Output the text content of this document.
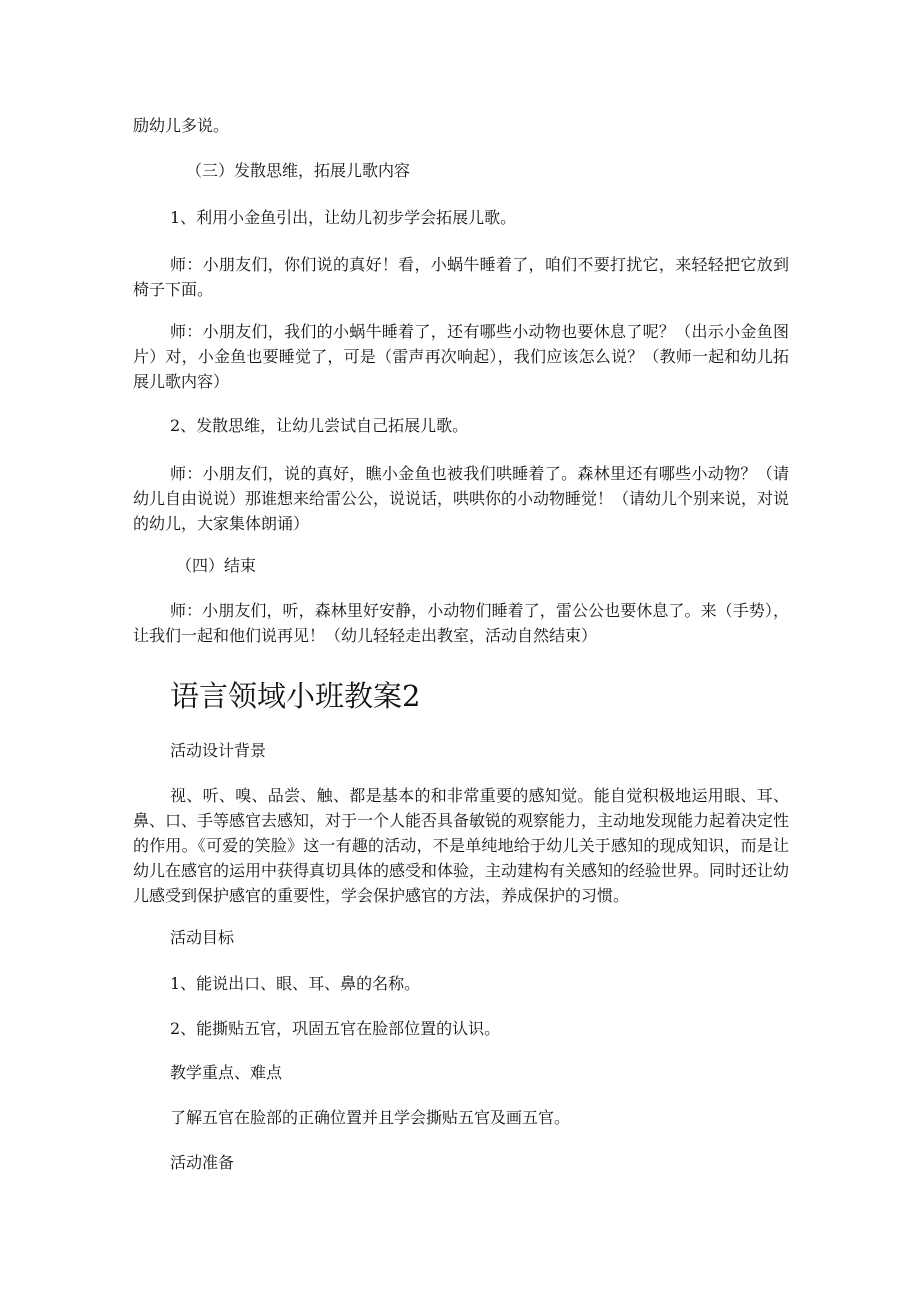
励幼儿多说。

（三）发散思维，拓展儿歌内容

1、利用小金鱼引出，让幼儿初步学会拓展儿歌。

师：小朋友们，你们说的真好！看，小蜗牛睡着了，咱们不要打扰它，来轻轻把它放到椅子下面。

师：小朋友们，我们的小蜗牛睡着了，还有哪些小动物也要休息了呢？（出示小金鱼图片）对，小金鱼也要睡觉了，可是（雷声再次响起），我们应该怎么说？（教师一起和幼儿拓展儿歌内容）

2、发散思维，让幼儿尝试自己拓展儿歌。

师：小朋友们，说的真好，瞧小金鱼也被我们哄睡着了。森林里还有哪些小动物？（请幼儿自由说说）那谁想来给雷公公，说说话，哄哄你的小动物睡觉！（请幼儿个别来说，对说的幼儿，大家集体朗诵）

（四）结束

师：小朋友们，听，森林里好安静，小动物们睡着了，雷公公也要休息了。来（手势），让我们一起和他们说再见！（幼儿轻轻走出教室，活动自然结束）

语言领域小班教案2

活动设计背景

视、听、嗅、品尝、触、都是基本的和非常重要的感知觉。能自觉积极地运用眼、耳、鼻、口、手等感官去感知，对于一个人能否具备敏锐的观察能力，主动地发现能力起着决定性的作用。《可爱的笑脸》这一有趣的活动，不是单纯地给于幼儿关于感知的现成知识，而是让幼儿在感官的运用中获得真切具体的感受和体验，主动建构有关感知的经验世界。同时还让幼儿感受到保护感官的重要性，学会保护感官的方法，养成保护的习惯。

活动目标

1、能说出口、眼、耳、鼻的名称。

2、能撕贴五官，巩固五官在脸部位置的认识。

教学重点、难点

了解五官在脸部的正确位置并且学会撕贴五官及画五官。

活动准备
